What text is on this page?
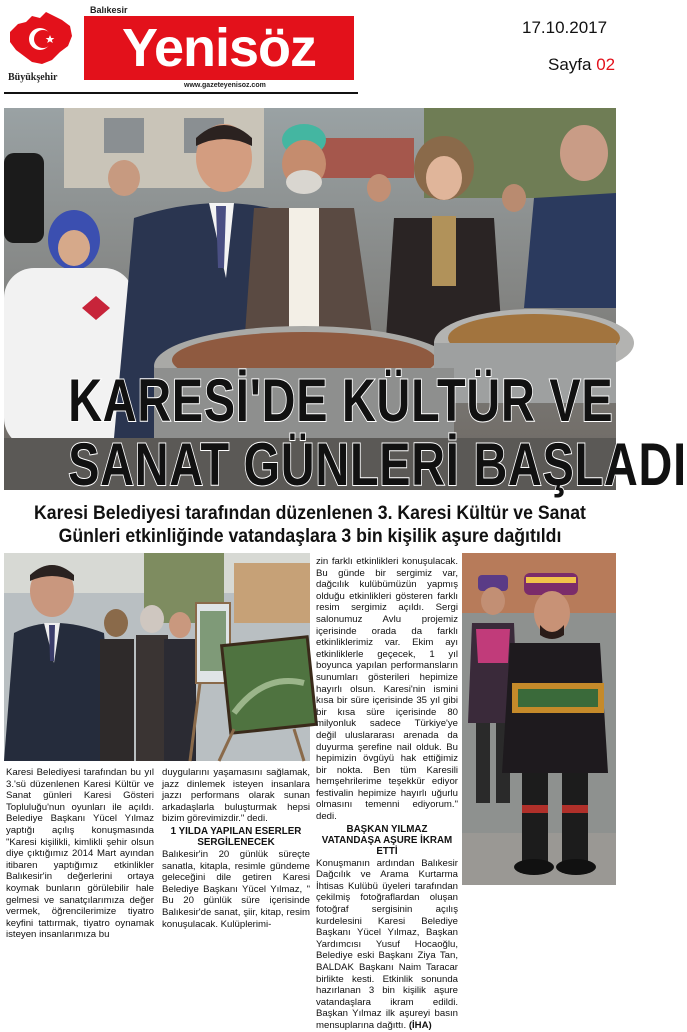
Büyükşehir
Balıkesir
Yenisöz
www.gazeteyenisoz.com
17.10.2017
Sayfa 02
KARESİ'DE KÜLTÜR VE
SANAT GÜNLERİ BAŞLADI
Karesi Belediyesi tarafından düzenlenen 3. Karesi Kültür ve Sanat Günleri etkinliğinde vatandaşlara 3 bin kişilik aşure dağıtıldı

Karesi Belediyesi tarafından bu yıl 3.'sü düzenlenen Karesi Kültür ve Sanat günleri Karesi Gösteri Topluluğu'nun oyunları ile açıldı. Belediye Başkanı Yücel Yılmaz yaptığı açılış konuşmasında "Karesi kişilikli, kimlikli şehir olsun diye çıktığımız 2014 Mart ayından itibaren yaptığımız etkinlikler Balıkesir'in değerlerini ortaya koymak bunların görülebilir hale gelmesi ve sanatçılarımıza değer vermek, öğrencilerimize tiyatro keyfini tattırmak, tiyatro oynamak isteyen insanlarımıza bu

duygularını yaşamasını sağlamak, jazz dinlemek isteyen insanlara jazzı performans olarak sunan arkadaşlarla buluşturmak hepsi bizim görevimizdir." dedi.

1 YILDA YAPILAN ESERLER SERGİLENECEK

Balıkesir'in 20 günlük süreçte sanatla, kitapla, resimle gündeme geleceğini dile getiren Karesi Belediye Başkanı Yücel Yılmaz, " Bu 20 günlük süre içerisinde Balıkesir'de sanat, şiir, kitap, resim konuşulacak. Kulüplerimi-

zin farklı etkinlikleri konuşulacak. Bu günde bir sergimiz var, dağcılık kulübümüzün yapmış olduğu etkinlikleri gösteren farklı resim sergimiz açıldı. Sergi salonumuz Avlu projemiz içerisinde orada da farklı etkinliklerimiz var. Ekim ayı etkinliklerle geçecek, 1 yıl boyunca yapılan performansların sunumları gösterileri hepimize hayırlı olsun. Karesi'nin ismini kısa bir süre içerisinde 35 yıl gibi bir kısa süre içerisinde 80 milyonluk sadece Türkiye'ye değil uluslararası arenada da duyurma şerefine nail olduk. Bu hepimizin övgüyü hak ettiğimiz bir nokta. Ben tüm Karesili hemşehrilerime teşekkür ediyor festivalin hepimize hayırlı uğurlu olmasını temenni ediyorum." dedi.

BAŞKAN YILMAZ VATANDAŞA AŞURE İKRAM ETTİ

Konuşmanın ardından Balıkesir Dağcılık ve Arama Kurtarma İhtisas Kulübü üyeleri tarafından çekilmiş fotoğraflardan oluşan fotoğraf sergisinin açılış kurdelesini Karesi Belediye Başkanı Yücel Yılmaz, Başkan Yardımcısı Yusuf Hocaoğlu, Belediye eski Başkanı Ziya Tan, BALDAK Başkanı Naim Taracar birlikte kesti. Etkinlik sonunda hazırlanan 3 bin kişilik aşure vatandaşlara ikram edildi. Başkan Yılmaz ilk aşureyi basın mensuplarına dağıttı. (İHA)
